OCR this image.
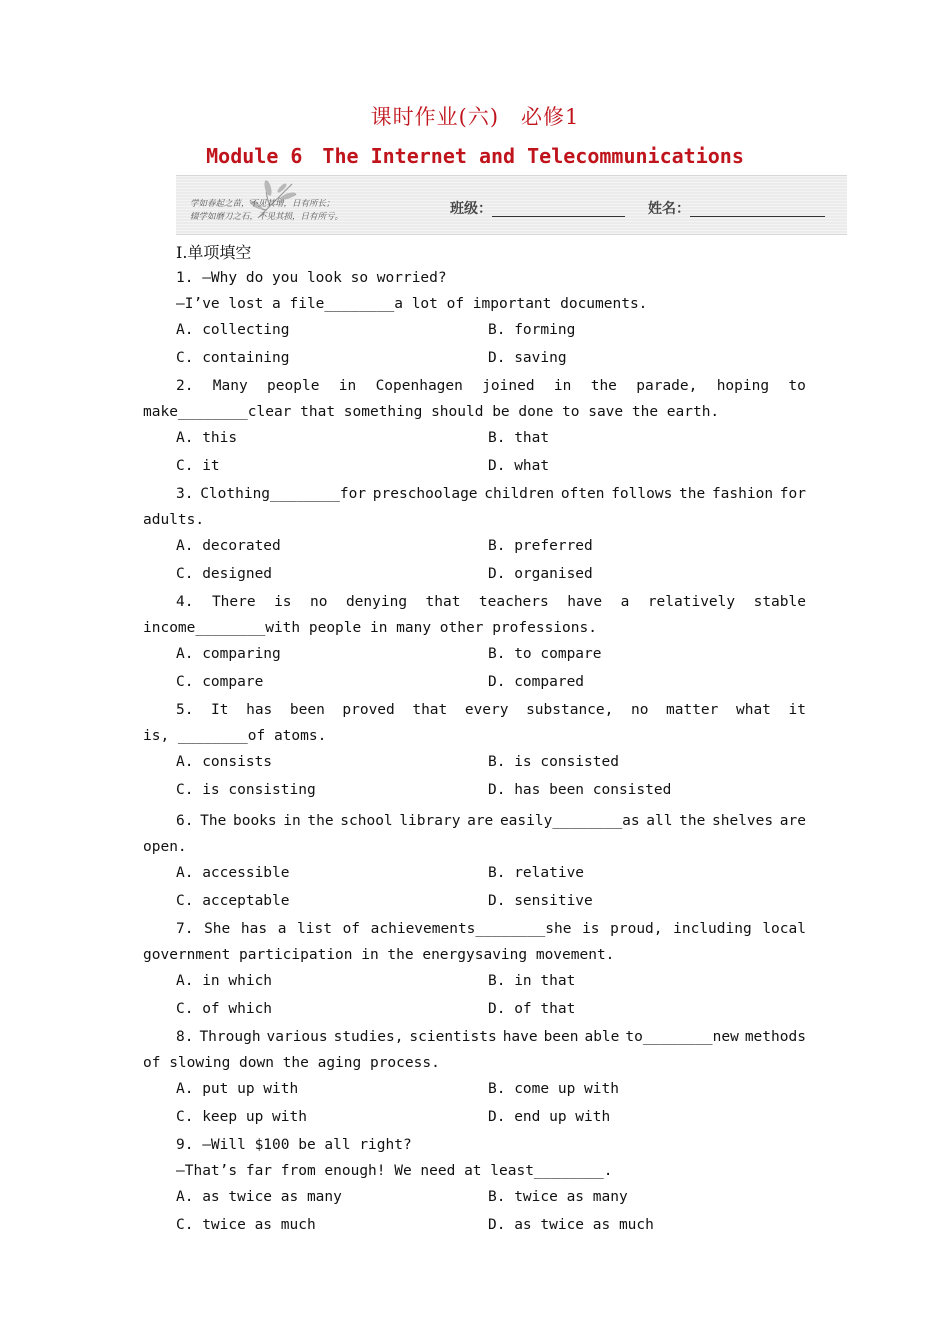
课时作业(六)　必修1
Module 6　The Internet and Telecommunications
学如春起之苗，不见其增，日有所长；
辍学如磨刀之石，不见其损，日有所亏。	班级：	姓名：
Ⅰ.单项填空
1. —Why do you look so worried?
—I’ve lost a file________a lot of important documents.
A. collecting	B. forming
C. containing	D. saving
2. Many people in Copenhagen joined in the parade, hoping to
make________clear that something should be done to save the earth.
A. this	B. that
C. it	D. what
3. Clothing________for preschoolage children often follows the fashion for
adults.
A. decorated	B. preferred
C. designed	D. organised
4. There is no denying that teachers have a relatively stable
income________with people in many other professions.
A. comparing	B. to compare
C. compare	D. compared
5. It has been proved that every substance, no matter what it
is, ________of atoms.
A. consists	B. is consisted
C. is consisting	D. has been consisted
6. The books in the school library are easily________as all the shelves are
open.
A. accessible	B. relative
C. acceptable	D. sensitive
7. She has a list of achievements________she is proud, including local
government participation in the energysaving movement.
A. in which	B. in that
C. of which	D. of that
8. Through various studies, scientists have been able to________new methods
of slowing down the aging process.
A. put up with	B. come up with
C. keep up with	D. end up with
9. —Will $100 be all right?
—That’s far from enough! We need at least________.
A. as twice as many	B. twice as many
C. twice as much	D. as twice as much
